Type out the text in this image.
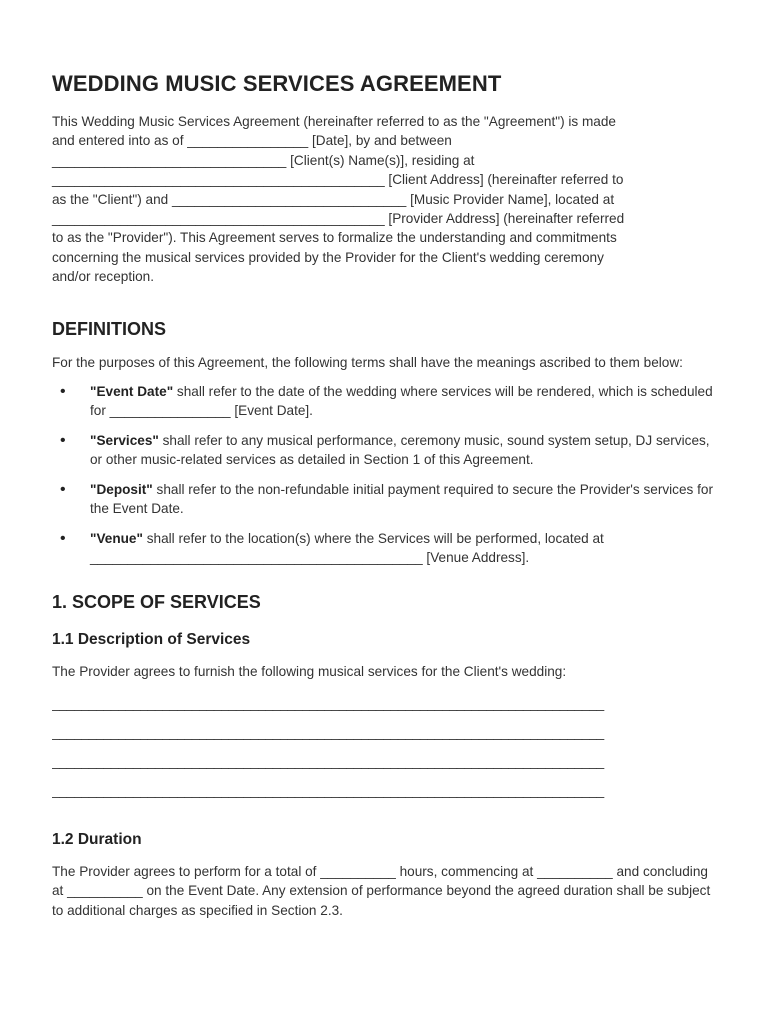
WEDDING MUSIC SERVICES AGREEMENT

This Wedding Music Services Agreement (hereinafter referred to as the "Agreement") is made

and entered into as of ________________ [Date], by and between

_______________________________ [Client(s) Name(s)], residing at

____________________________________________ [Client Address] (hereinafter referred to

as the "Client") and _______________________________ [Music Provider Name], located at

____________________________________________ [Provider Address] (hereinafter referred

to as the "Provider"). This Agreement serves to formalize the understanding and commitments

concerning the musical services provided by the Provider for the Client's wedding ceremony

and/or reception.

DEFINITIONS

For the purposes of this Agreement, the following terms shall have the meanings ascribed to them below:

• "Event Date" shall refer to the date of the wedding where services will be rendered, which is scheduled for ________________ [Event Date].
• "Services" shall refer to any musical performance, ceremony music, sound system setup, DJ services, or other music-related services as detailed in Section 1 of this Agreement.
• "Deposit" shall refer to the non-refundable initial payment required to secure the Provider's services for the Event Date.
• "Venue" shall refer to the location(s) where the Services will be performed, located at ____________________________________________ [Venue Address].
1. SCOPE OF SERVICES
1.1 Description of Services

The Provider agrees to furnish the following musical services for the Client's wedding:

___________________________________________________________________________
___________________________________________________________________________
___________________________________________________________________________
___________________________________________________________________________
1.2 Duration

The Provider agrees to perform for a total of __________ hours, commencing at __________ and concluding at __________ on the Event Date. Any extension of performance beyond the agreed duration shall be subject to additional charges as specified in Section 2.3.
